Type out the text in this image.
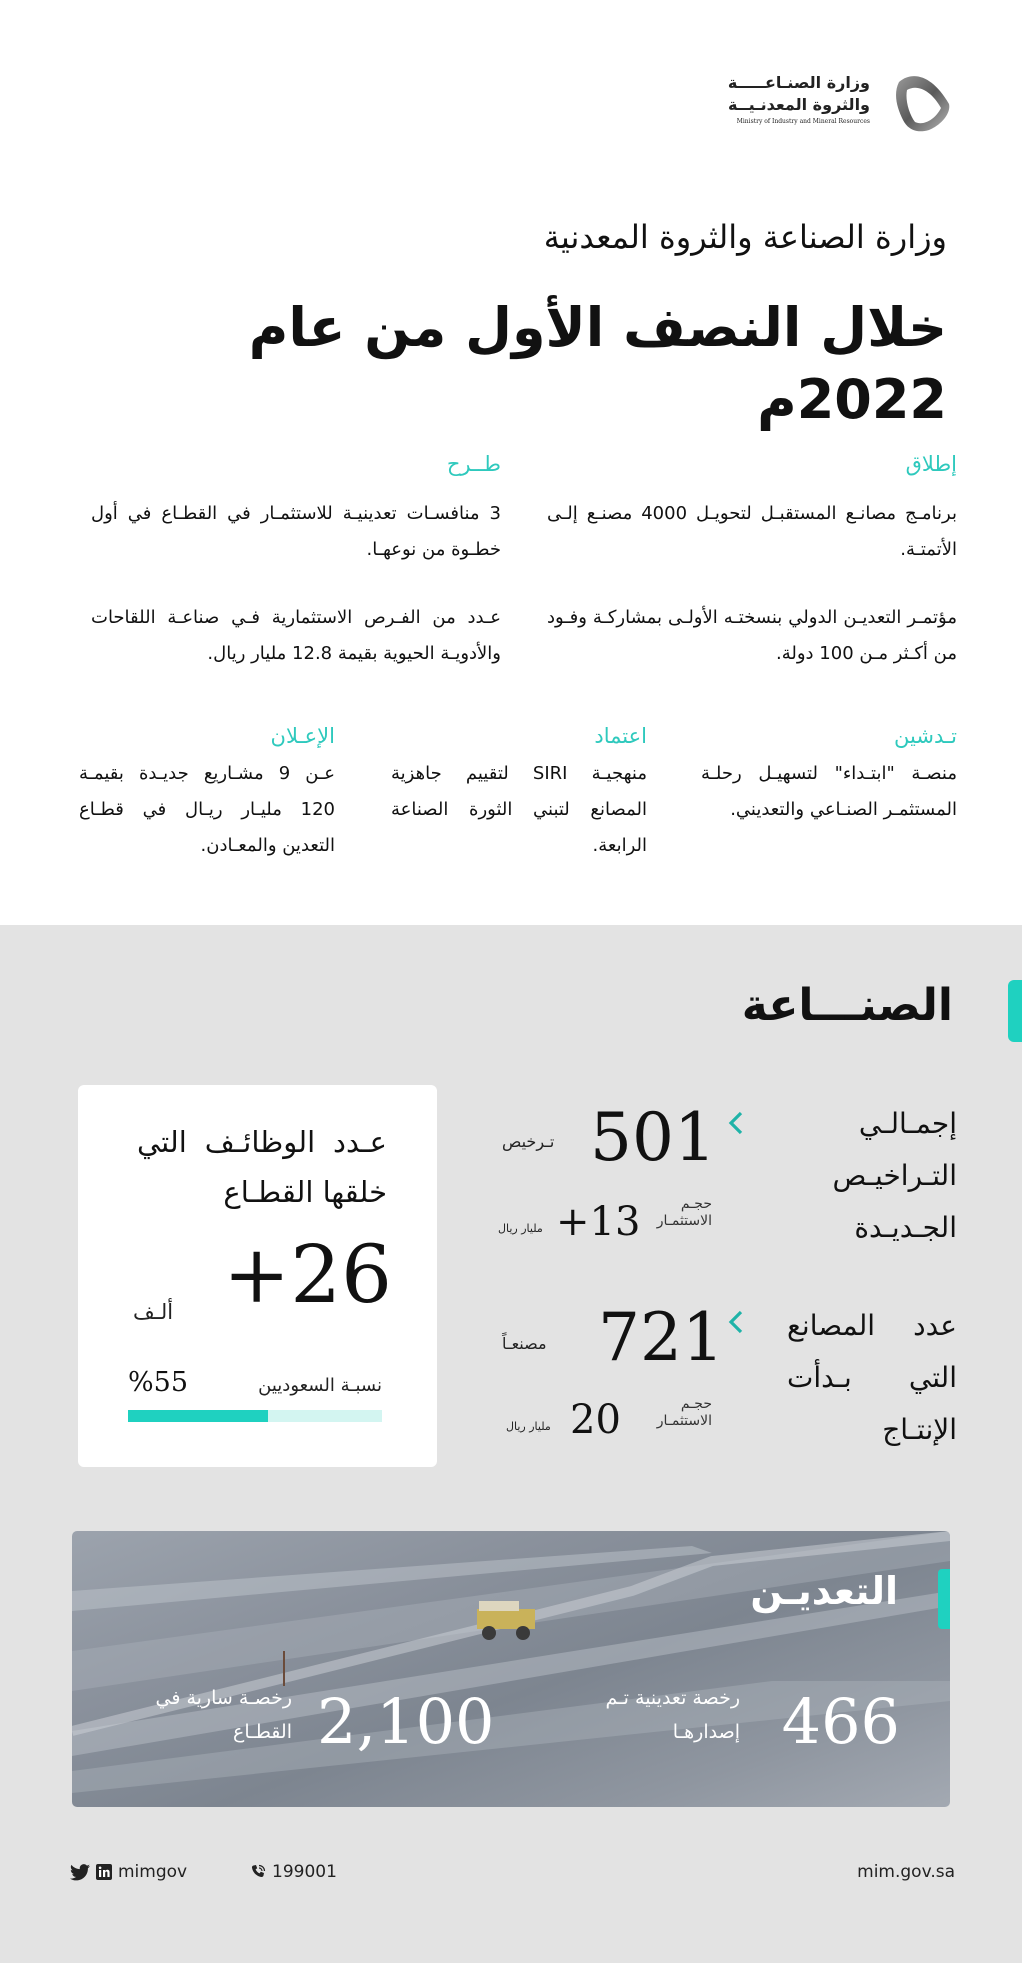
وزارة الصنـاعـــــة
والثروة المعدنـيــة
Ministry of Industry and Mineral Resources
وزارة الصناعة والثروة المعدنية
خلال النصف الأول من عام 2022م
إطلاق

برنامـج مصانـع المستقبـل لتحويـل 4000 مصنـع إلـى الأتمتـة.

مؤتمـر التعديـن الدولي بنسختـه الأولـى بمشاركـة وفـود من أكـثر مـن 100 دولة.

طــرح

3 منافسـات تعدينيـة للاستثمـار في القطـاع في أول خطـوة من نوعهـا.

عـدد من الفـرص الاستثمارية فـي صناعـة اللقاحات والأدويـة الحيوية بقيمة 12.8 مليار ريال.

تـدشين

منصـة "ابتـداء" لتسهيـل رحلـة المستثمـر الصنـاعي والتعديني.

اعتماد

منهجيـة SIRI لتقييم جاهزية المصانع لتبني الثورة الصناعة الرابعة.

الإعـلان

عـن 9 مشـاريع جديـدة بقيمـة 120 مليـار ريـال في قطـاع التعدين والمعـادن.

الصنـــاعة
إجمـالـي التـراخيـص الجـديـدة
501
تـرخيص
حجـم الاستثمـار
+13
مليار ريال
عدد المصانع التي بـدأت الإنتـاج
721
مصنعـاً
حجـم الاستثمـار
20
مليار ريال
عـدد الوظائـف التي خلقها القطـاع
+26
ألـف
نسبـة السعوديين
%55
التعديـن
466
رخصة تعدينية تـم إصدارهـا
2,100
رخصـة سارية في القطـاع
mimgov	199001	mim.gov.sa
